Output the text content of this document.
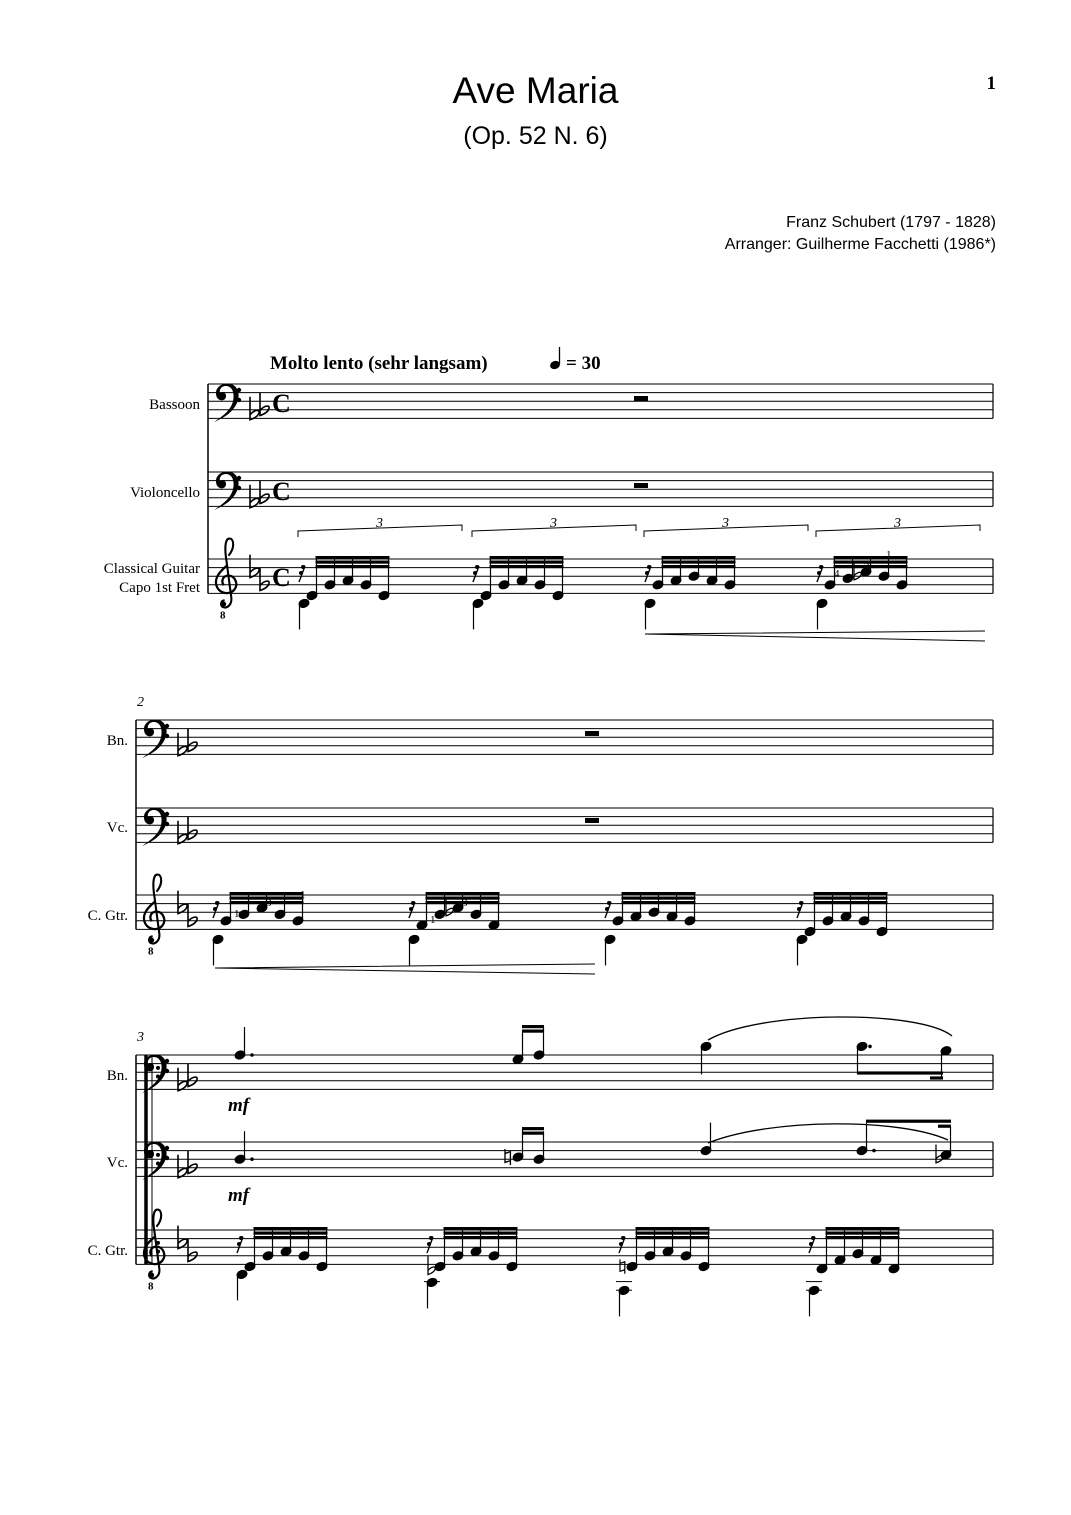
Ave Maria
(Op. 52 N. 6)
1
Franz Schubert (1797 - 1828)
Arranger: Guilherme Facchetti (1986*)
Molto lento (sehr langsam)	= 30
Bassoon
Violoncello
Classical Guitar
Capo 1st Fret
Bn.
Vc.
C. Gtr.
Bn.
Vc.
C. Gtr.
2
3
C
C
C
3	3	3	3
4
3
1
1
3
1
1
3
mf
mf
8
8
8
